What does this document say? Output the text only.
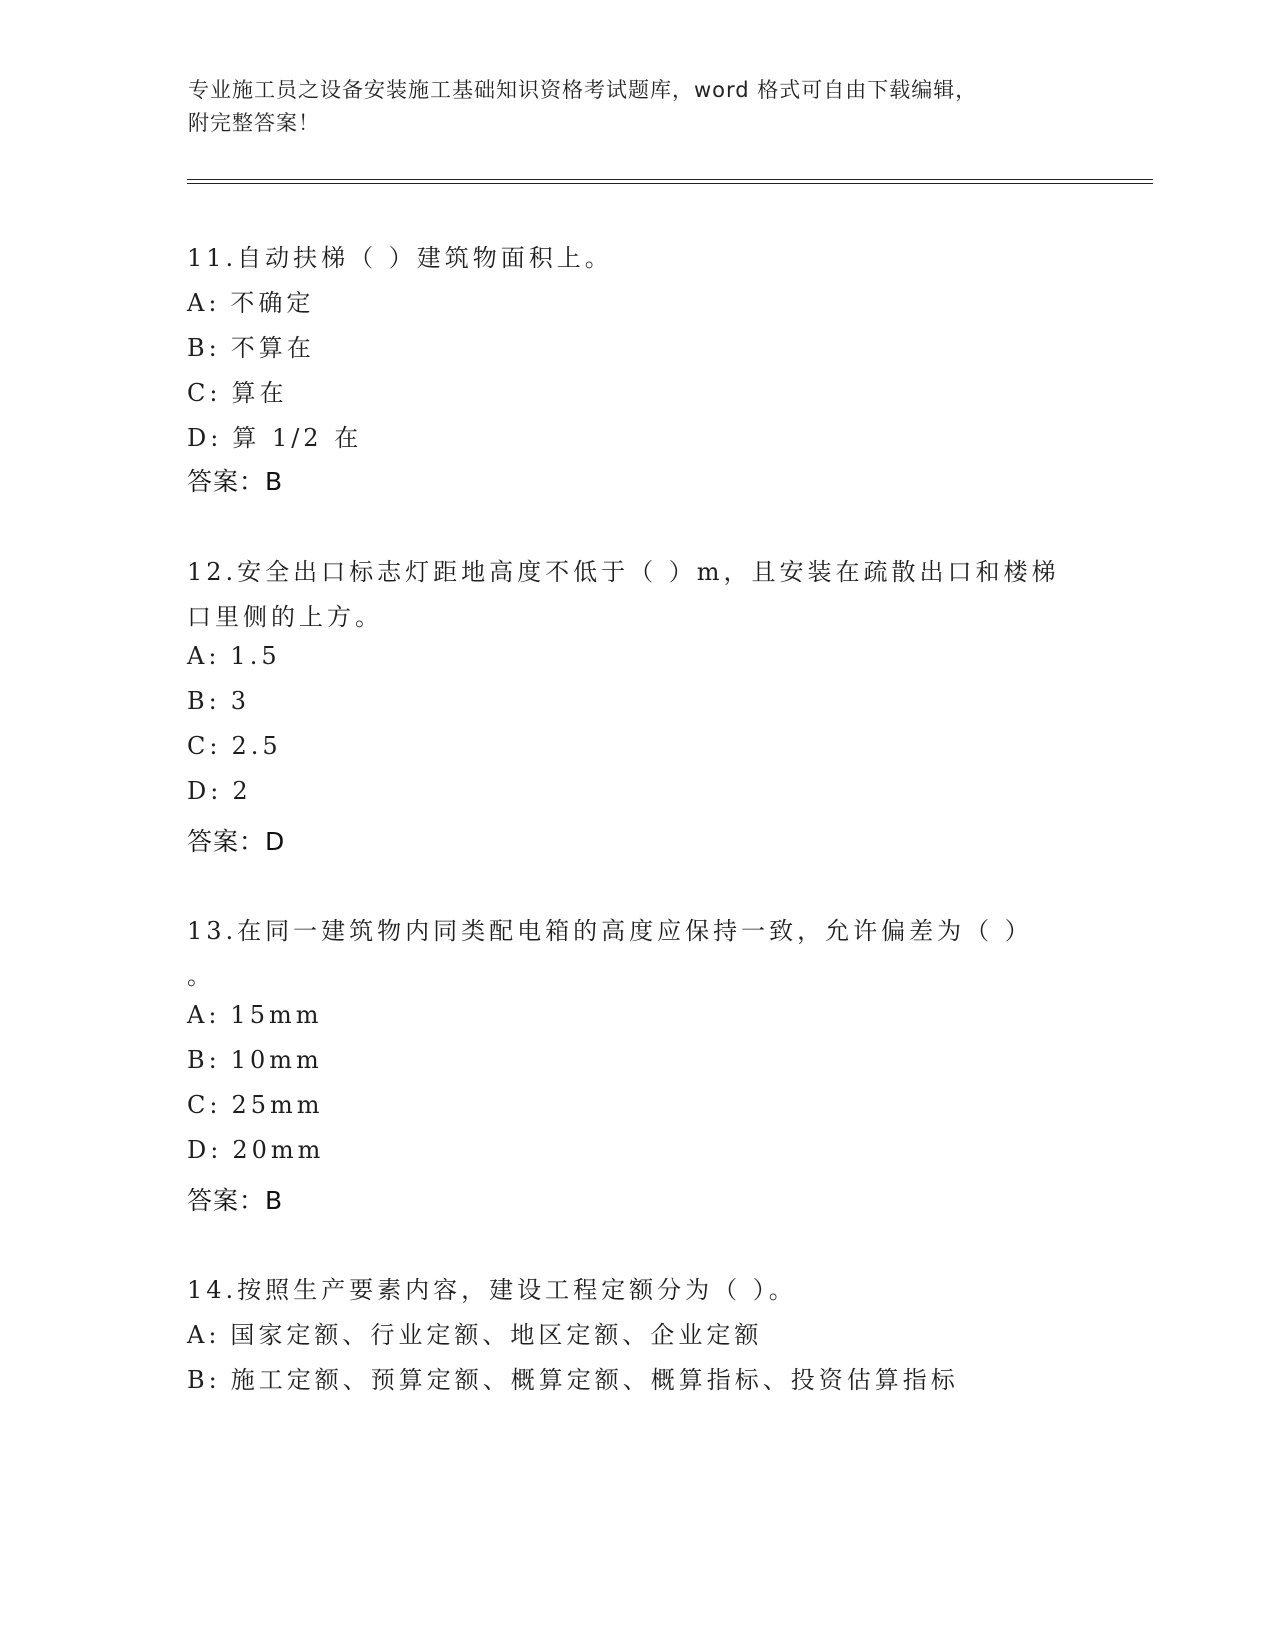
专业施工员之设备安装施工基础知识资格考试题库，word 格式可自由下载编辑，
附完整答案！
11.自动扶梯（ ）建筑物面积上。
A: 不确定
B: 不算在
C: 算在
D: 算 1/2 在
答案：B
12.安全出口标志灯距地高度不低于（ ）m，且安装在疏散出口和楼梯
口里侧的上方。
A: 1.5
B: 3
C: 2.5
D: 2
答案：D
13.在同一建筑物内同类配电箱的高度应保持一致，允许偏差为（ ）
。
A: 15mm
B: 10mm
C: 25mm
D: 20mm
答案：B
14.按照生产要素内容，建设工程定额分为（ ）。
A: 国家定额、行业定额、地区定额、企业定额
B: 施工定额、预算定额、概算定额、概算指标、投资估算指标
